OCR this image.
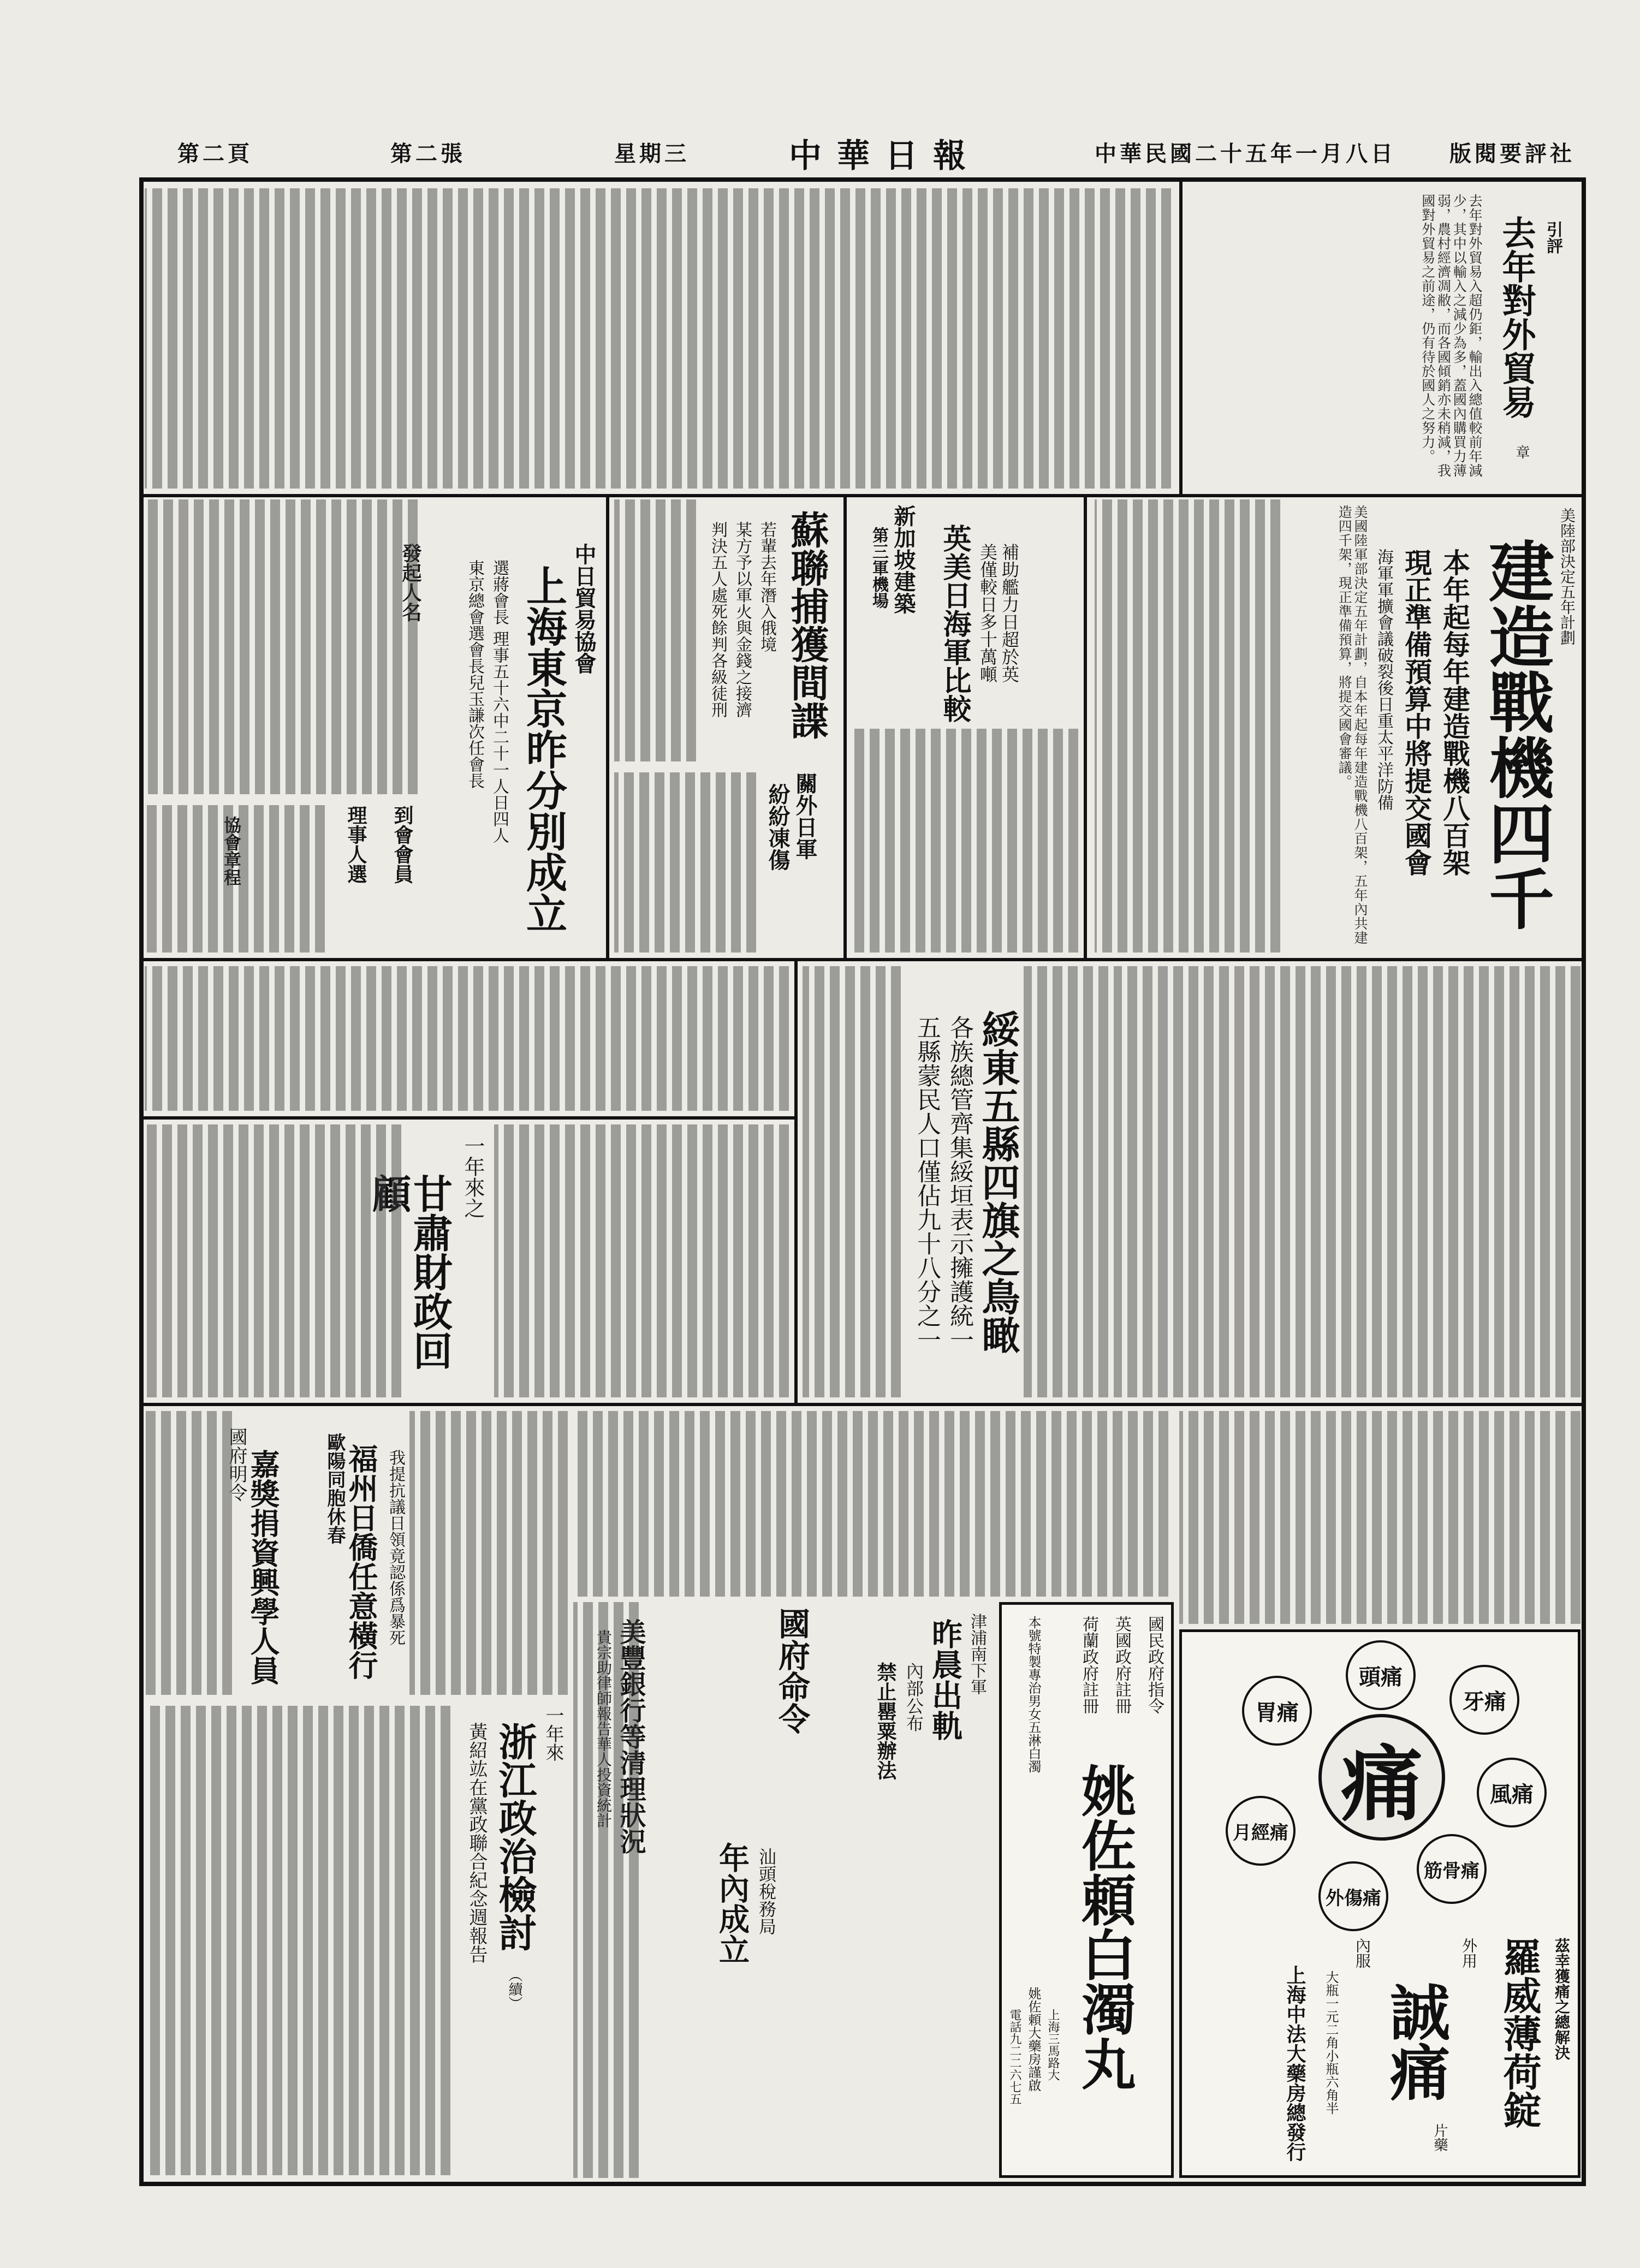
版閱要評社
中華民國二十五年一月八日
中華日報
星期三
第二張
第二頁
引評
去年對外貿易
章
去年對外貿易入超仍鉅，輸出入總值較前年減少，其中以輸入之減少為多，蓋國內購買力薄弱，農村經濟凋敝，而各國傾銷亦未稍減，我國對外貿易之前途，仍有待於國人之努力。
美陸部決定五年計劃
建造戰機四千
本年起每年建造戰機八百架
現正準備預算中將提交國會
海軍軍擴會議破裂後日重太平洋防備
美國陸軍部決定五年計劃，自本年起每年建造戰機八百架，五年內共建造四千架，現正準備預算，將提交國會審議。
新加坡建築
第三軍機場 英美日海軍比較 美僅較日多十萬噸 補助艦力日超於英
蘇聯捕獲間諜
若輩去年潛入俄境
某方予以軍火與金錢之接濟
判決五人處死餘判各級徒刑
關外日軍
紛紛凍傷
中日貿易協會
上海東京昨分別成立
選蔣會長
理事五十六中二十一人日四人
東京總會選會長兒玉謙次任會長
發起人名
到會會員
理事人選
協會章程
綏東五縣四旗之鳥瞰
各族總管齊集綏垣表示擁護統一
五縣蒙民人口僅佔九十八分之一
一年來之
甘肅財政回顧
痛
頭痛
牙痛
風痛
筋骨痛
外傷痛
月經痛
胃痛
茲幸獲痛之總解決
羅威薄荷錠
外用
誠痛
片藥
內服
大瓶一元二角小瓶六角半
上海中法大藥房總發行
國民政府指令
英國政府註冊
荷蘭政府註冊
姚佐頼白濁丸
本號特製專治男女五淋白濁
姚佐頼大藥房謹啟 上海三馬路大
電話九二二六七五
津浦南下軍
昨晨出軌
內部公布
禁止罌粟辦法
國府命令
汕頭稅務局
年內成立
美豐銀行等清理狀況
貴宗助律師報告華人投資統計
歐陽同胞休春
福州日僑任意橫行 我提抗議日領竟認係爲暴死
國府明令
嘉獎捐資興學人員
一年來
浙江政治檢討
（續）
黃紹竑在黨政聯合紀念週報告
